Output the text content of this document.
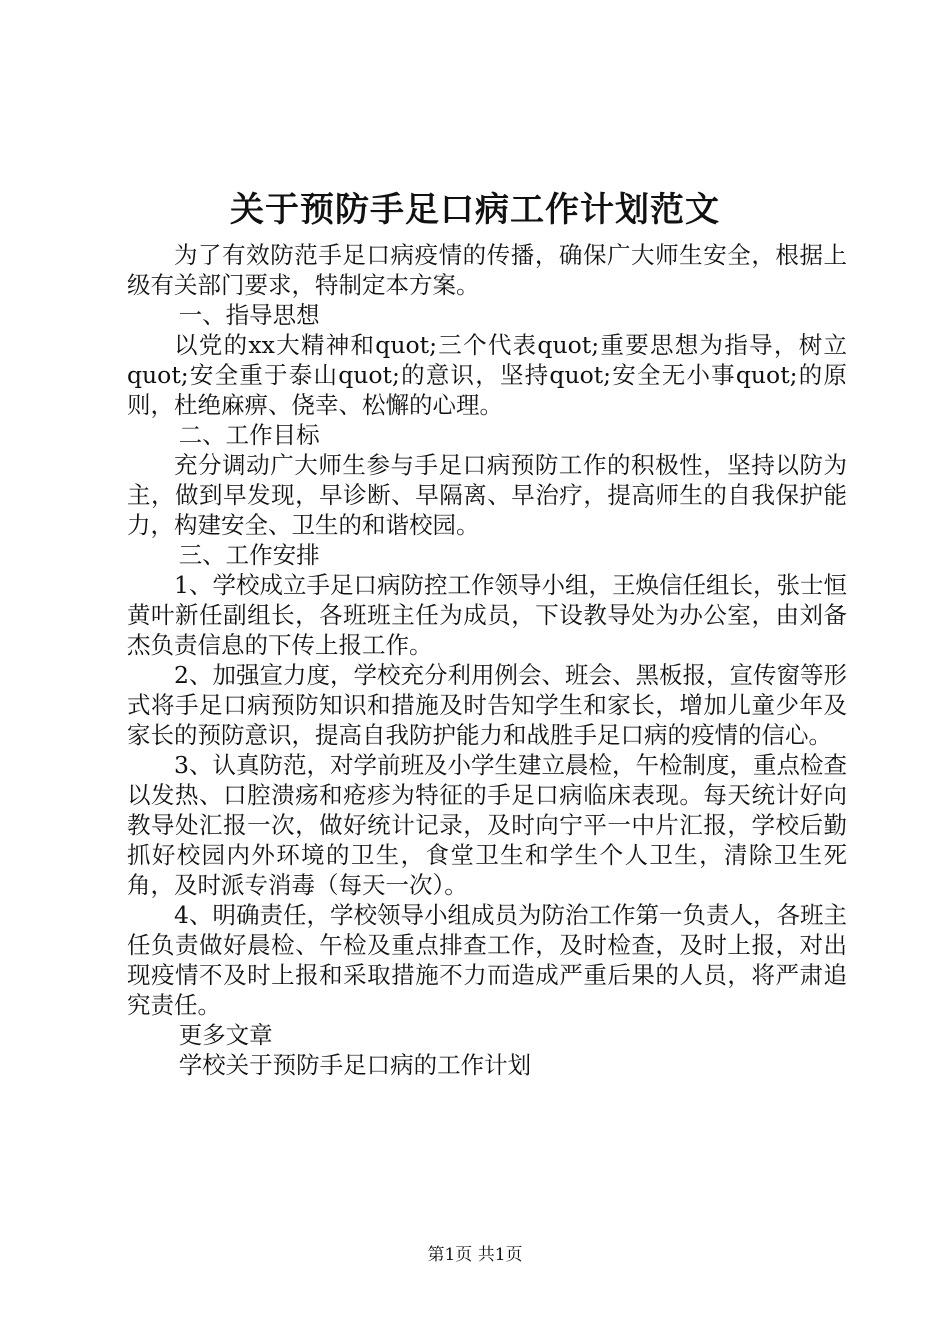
关于预防手足口病工作计划范文

为了有效防范手足口病疫情的传播，确保广大师生安全，根据上级有关部门要求，特制定本方案。

一、指导思想

以党的xx大精神和quot;三个代表quot;重要思想为指导，树立quot;安全重于泰山quot;的意识，坚持quot;安全无小事quot;的原则，杜绝麻痹、侥幸、松懈的心理。

二、工作目标

充分调动广大师生参与手足口病预防工作的积极性，坚持以防为主，做到早发现，早诊断、早隔离、早治疗，提高师生的自我保护能力，构建安全、卫生的和谐校园。

三、工作安排

1、学校成立手足口病防控工作领导小组，王焕信任组长，张士恒黄叶新任副组长，各班班主任为成员，下设教导处为办公室，由刘备杰负责信息的下传上报工作。

2、加强宣力度，学校充分利用例会、班会、黑板报，宣传窗等形式将手足口病预防知识和措施及时告知学生和家长，增加儿童少年及家长的预防意识，提高自我防护能力和战胜手足口病的疫情的信心。

3、认真防范，对学前班及小学生建立晨检，午检制度，重点检查以发热、口腔溃疡和疮疹为特征的手足口病临床表现。每天统计好向教导处汇报一次，做好统计记录，及时向宁平一中片汇报，学校后勤抓好校园内外环境的卫生，食堂卫生和学生个人卫生，清除卫生死角，及时派专消毒（每天一次）。

4、明确责任，学校领导小组成员为防治工作第一负责人，各班主任负责做好晨检、午检及重点排查工作，及时检查，及时上报，对出现疫情不及时上报和采取措施不力而造成严重后果的人员，将严肃追究责任。

更多文章

学校关于预防手足口病的工作计划

第1页 共1页
